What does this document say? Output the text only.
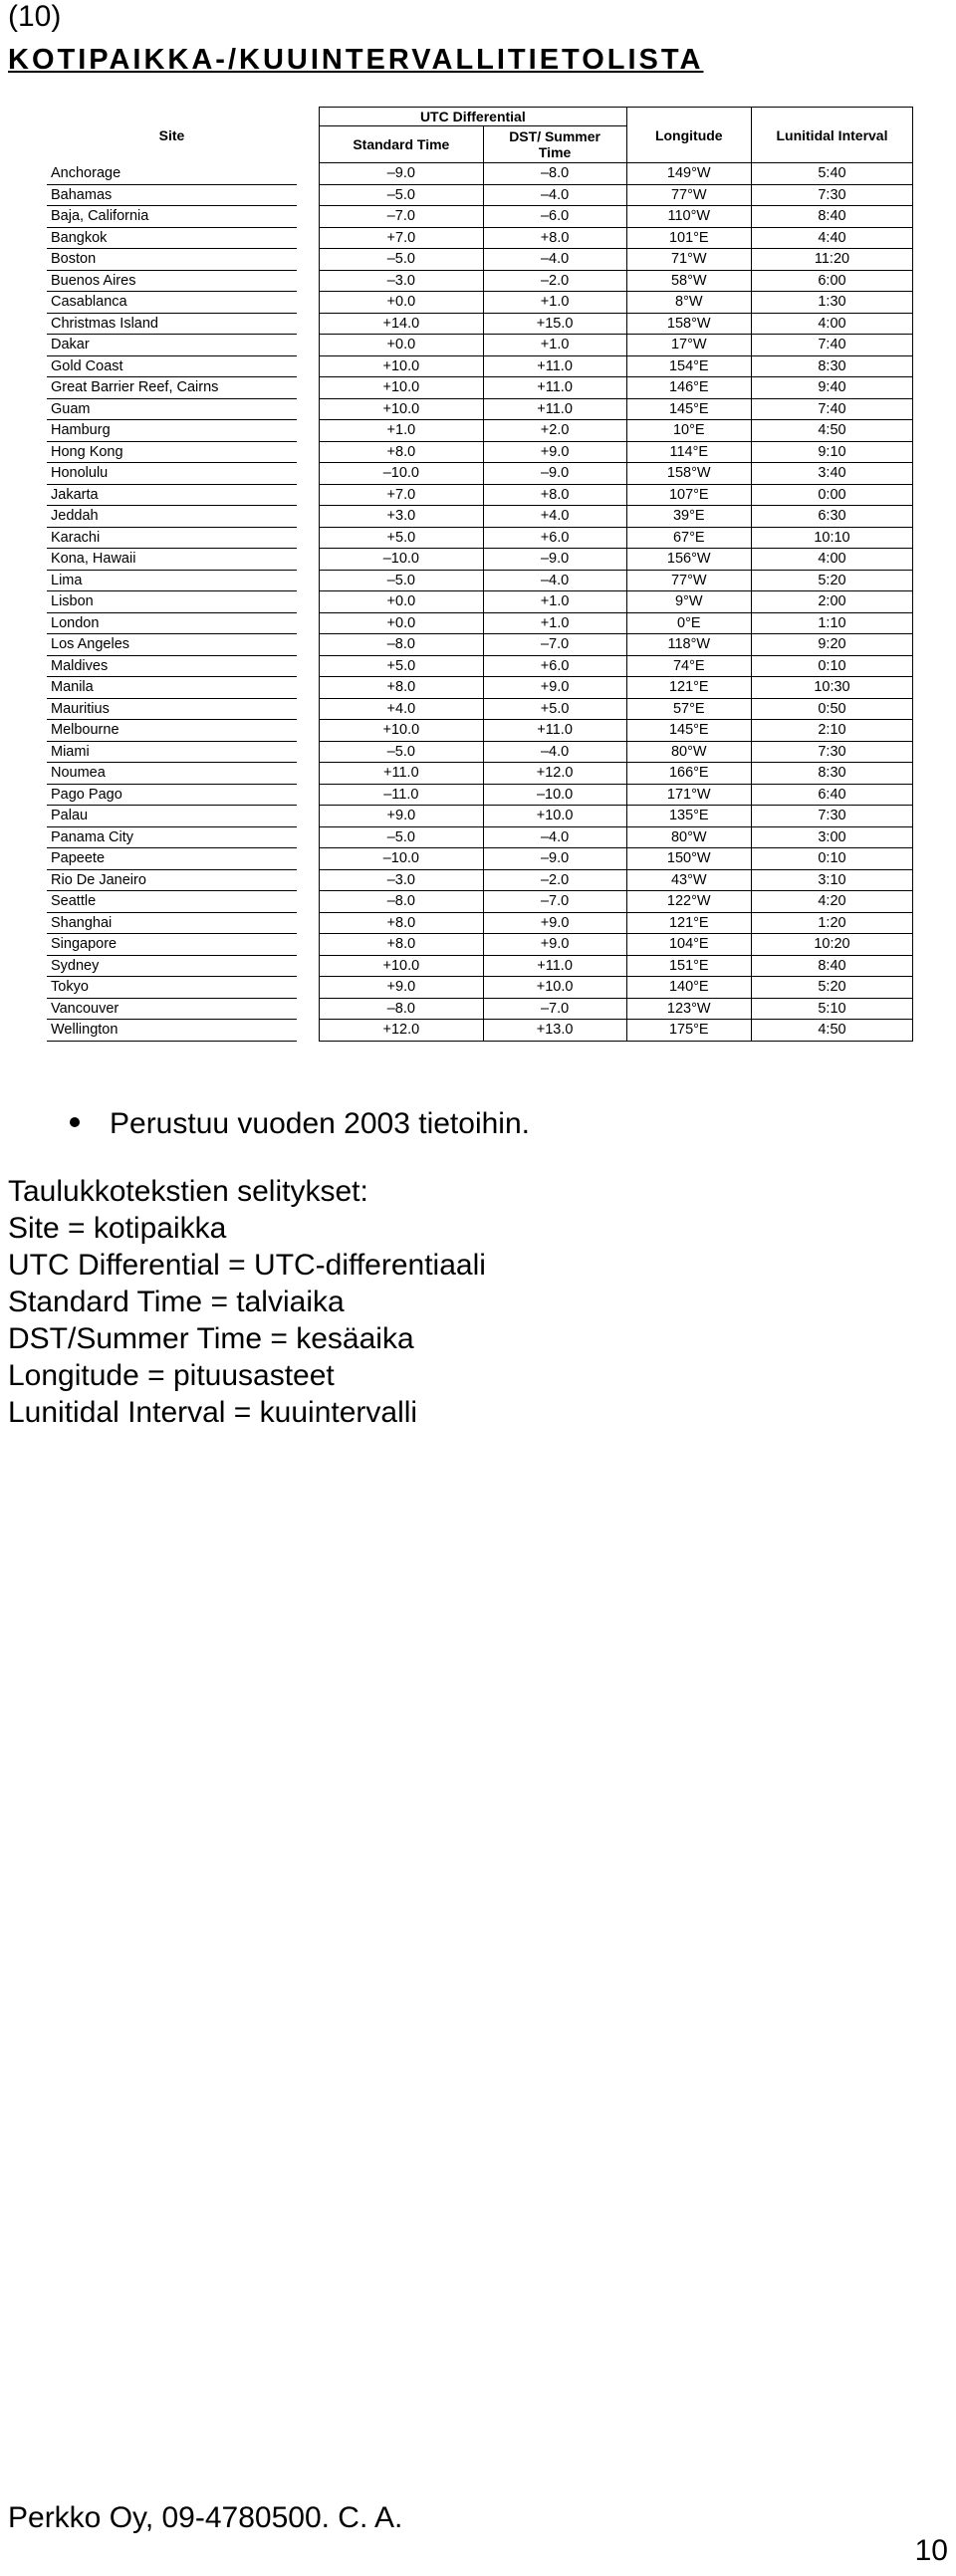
(10)
KOTIPAIKKA-/KUUINTERVALLITIETOLISTA
Site		UTC Differential		Longitude	Lunitidal Interval
		Standard Time	DST/ Summer Time		
Anchorage		–9.0	–8.0	149°W	5:40
Bahamas		–5.0	–4.0	77°W	7:30
Baja, California		–7.0	–6.0	110°W	8:40
Bangkok		+7.0	+8.0	101°E	4:40
Boston		–5.0	–4.0	71°W	11:20
Buenos Aires		–3.0	–2.0	58°W	6:00
Casablanca		+0.0	+1.0	8°W	1:30
Christmas Island		+14.0	+15.0	158°W	4:00
Dakar		+0.0	+1.0	17°W	7:40
Gold Coast		+10.0	+11.0	154°E	8:30
Great Barrier Reef, Cairns		+10.0	+11.0	146°E	9:40
Guam		+10.0	+11.0	145°E	7:40
Hamburg		+1.0	+2.0	10°E	4:50
Hong Kong		+8.0	+9.0	114°E	9:10
Honolulu		–10.0	–9.0	158°W	3:40
Jakarta		+7.0	+8.0	107°E	0:00
Jeddah		+3.0	+4.0	39°E	6:30
Karachi		+5.0	+6.0	67°E	10:10
Kona, Hawaii		–10.0	–9.0	156°W	4:00
Lima		–5.0	–4.0	77°W	5:20
Lisbon		+0.0	+1.0	9°W	2:00
London		+0.0	+1.0	0°E	1:10
Los Angeles		–8.0	–7.0	118°W	9:20
Maldives		+5.0	+6.0	74°E	0:10
Manila		+8.0	+9.0	121°E	10:30
Mauritius		+4.0	+5.0	57°E	0:50
Melbourne		+10.0	+11.0	145°E	2:10
Miami		–5.0	–4.0	80°W	7:30
Noumea		+11.0	+12.0	166°E	8:30
Pago Pago		–11.0	–10.0	171°W	6:40
Palau		+9.0	+10.0	135°E	7:30
Panama City		–5.0	–4.0	80°W	3:00
Papeete		–10.0	–9.0	150°W	0:10
Rio De Janeiro		–3.0	–2.0	43°W	3:10
Seattle		–8.0	–7.0	122°W	4:20
Shanghai		+8.0	+9.0	121°E	1:20
Singapore		+8.0	+9.0	104°E	10:20
Sydney		+10.0	+11.0	151°E	8:40
Tokyo		+9.0	+10.0	140°E	5:20
Vancouver		–8.0	–7.0	123°W	5:10
Wellington		+12.0	+13.0	175°E	4:50
Perustuu vuoden 2003 tietoihin.
Taulukkotekstien selitykset:
Site = kotipaikka
UTC Differential = UTC-differentiaali
Standard Time = talviaika
DST/Summer Time = kesäaika
Longitude = pituusasteet
Lunitidal Interval = kuuintervalli
Perkko Oy, 09-4780500. C. A.
10
